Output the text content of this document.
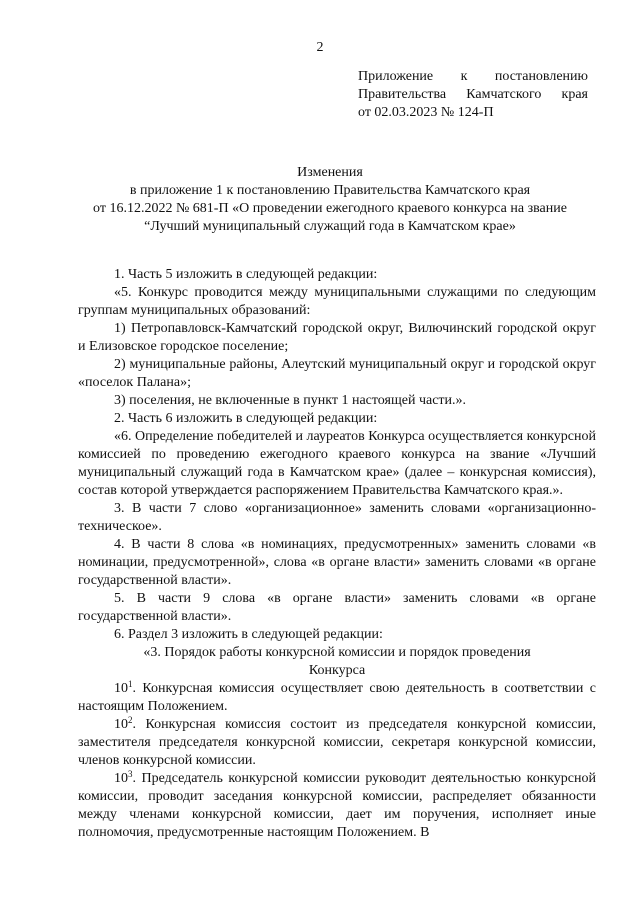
2
Приложение к постановлению
Правительства Камчатского края
от 02.03.2023 № 124-П
Изменения
в приложение 1 к постановлению Правительства Камчатского края
от 16.12.2022 № 681-П «О проведении ежегодного краевого конкурса на звание
“Лучший муниципальный служащий года в Камчатском крае»

1. Часть 5 изложить в следующей редакции:

«5. Конкурс проводится между муниципальными служащими по следующим группам муниципальных образований:

1) Петропавловск-Камчатский городской округ, Вилючинский городской округ и Елизовское городское поселение;

2) муниципальные районы, Алеутский муниципальный округ и городской округ «поселок Палана»;

3) поселения, не включенные в пункт 1 настоящей части.».

2. Часть 6 изложить в следующей редакции:

«6. Определение победителей и лауреатов Конкурса осуществляется конкурсной комиссией по проведению ежегодного краевого конкурса на звание «Лучший муниципальный служащий года в Камчатском крае» (далее – конкурсная комиссия), состав которой утверждается распоряжением Правительства Камчатского края.».

3. В части 7 слово «организационное» заменить словами «организационно-техническое».

4. В части 8 слова «в номинациях, предусмотренных» заменить словами «в номинации, предусмотренной», слова «в органе власти» заменить словами «в органе государственной власти».

5. В части 9 слова «в органе власти» заменить словами «в органе государственной власти».

6. Раздел 3 изложить в следующей редакции:

«3. Порядок работы конкурсной комиссии и порядок проведения

Конкурса

$10^1$. Конкурсная комиссия осуществляет свою деятельность в соответствии с настоящим Положением.

$10^2$. Конкурсная комиссия состоит из председателя конкурсной комиссии, заместителя председателя конкурсной комиссии, секретаря конкурсной комиссии, членов конкурсной комиссии.

$10^3$. Председатель конкурсной комиссии руководит деятельностью конкурсной комиссии, проводит заседания конкурсной комиссии, распределяет обязанности между членами конкурсной комиссии, дает им поручения, исполняет иные полномочия, предусмотренные настоящим Положением. В
